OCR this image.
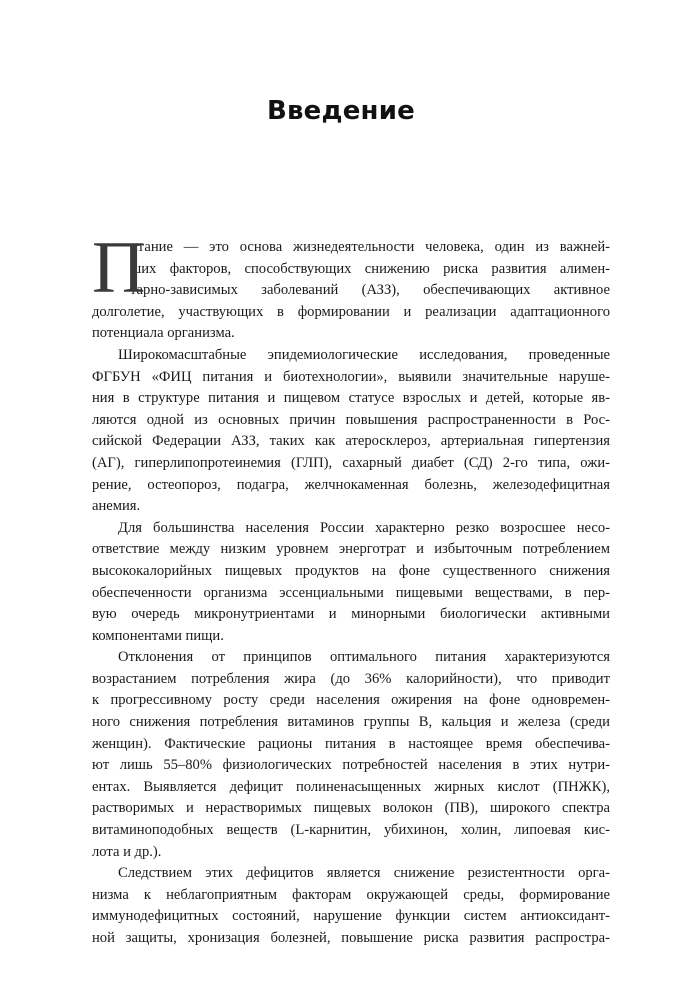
Введение
П
итание — это основа жизнедеятельности человека, один из важней-
ших факторов, способствующих снижению риска развития алимен-
тарно-зависимых заболеваний (АЗЗ), обеспечивающих активное
долголетие, участвующих в формировании и реализации адаптационного
потенциала организма.
Широкомасштабные эпидемиологические исследования, проведенные
ФГБУН «ФИЦ питания и биотехнологии», выявили значительные наруше-
ния в структуре питания и пищевом статусе взрослых и детей, которые яв-
ляются одной из основных причин повышения распространенности в Рос-
сийской Федерации АЗЗ, таких как атеросклероз, артериальная гипертензия
(АГ), гиперлипопротеинемия (ГЛП), сахарный диабет (СД) 2-го типа, ожи-
рение, остеопороз, подагра, желчнокаменная болезнь, железодефицитная
анемия.
Для большинства населения России характерно резко возросшее несо-
ответствие между низким уровнем энерготрат и избыточным потреблением
высококалорийных пищевых продуктов на фоне существенного снижения
обеспеченности организма эссенциальными пищевыми веществами, в пер-
вую очередь микронутриентами и минорными биологически активными
компонентами пищи.
Отклонения от принципов оптимального питания характеризуются
возрастанием потребления жира (до 36% калорийности), что приводит
к прогрессивному росту среди населения ожирения на фоне одновремен-
ного снижения потребления витаминов группы B, кальция и железа (среди
женщин). Фактические рационы питания в настоящее время обеспечива-
ют лишь 55–80% физиологических потребностей населения в этих нутри-
ентах. Выявляется дефицит полиненасыщенных жирных кислот (ПНЖК),
растворимых и нерастворимых пищевых волокон (ПВ), широкого спектра
витаминоподобных веществ (L-карнитин, убихинон, холин, липоевая кис-
лота и др.).
Следствием этих дефицитов является снижение резистентности орга-
низма к неблагоприятным факторам окружающей среды, формирование
иммунодефицитных состояний, нарушение функции систем антиоксидант-
ной защиты, хронизация болезней, повышение риска развития распростра-
